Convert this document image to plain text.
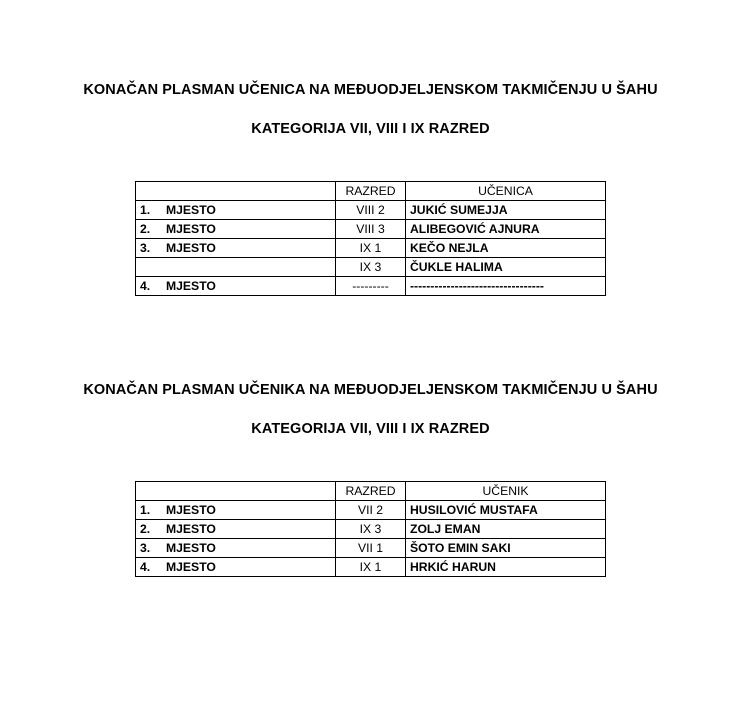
KONAČAN PLASMAN UČENICA NA MEĐUODJELJENSKOM TAKMIČENJU U ŠAHU
KATEGORIJA VII, VIII I IX RAZRED
	RAZRED	UČENICA
1. MJESTO	VIII 2	JUKIĆ SUMEJJA
2. MJESTO	VIII 3	ALIBEGOVIĆ AJNURA
3. MJESTO	IX 1	KEČO NEJLA
	IX 3	ČUKLE HALIMA
4. MJESTO	---------	---------------------------------
KONAČAN PLASMAN UČENIKA NA MEĐUODJELJENSKOM TAKMIČENJU U ŠAHU
KATEGORIJA VII, VIII I IX RAZRED
	RAZRED	UČENIK
1. MJESTO	VII 2	HUSILOVIĆ MUSTAFA
2. MJESTO	IX 3	ZOLJ EMAN
3. MJESTO	VII 1	ŠOTO EMIN SAKI
4. MJESTO	IX 1	HRKIĆ HARUN
